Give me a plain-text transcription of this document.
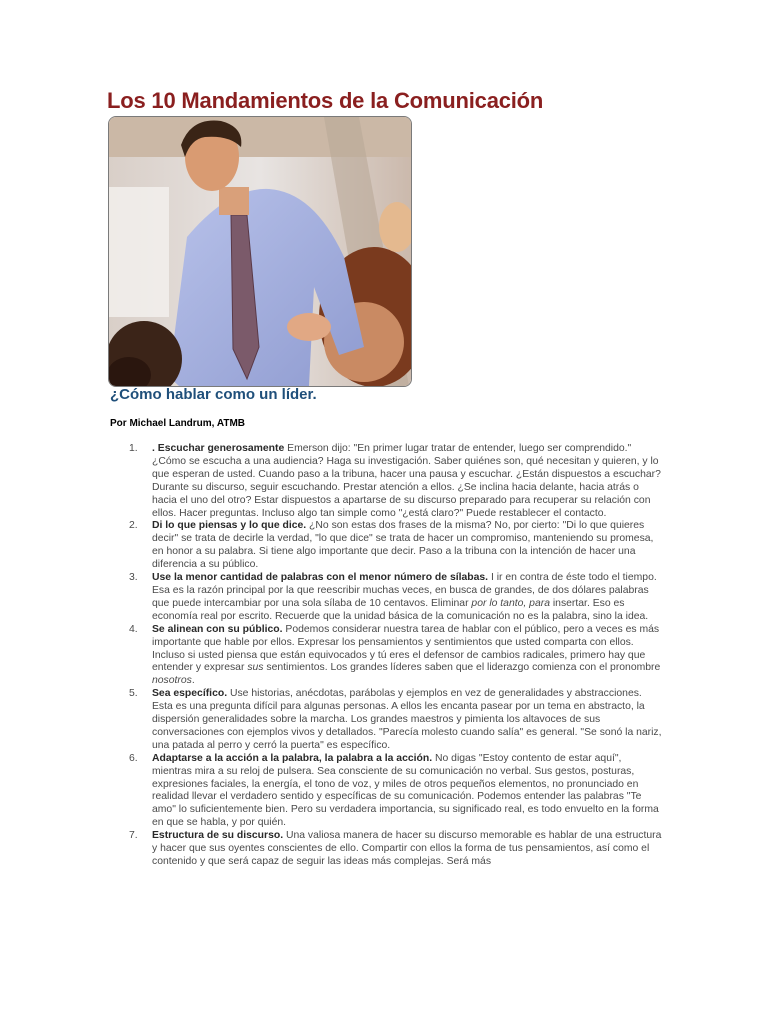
Los 10 Mandamientos de la Comunicación
¿Cómo hablar como un líder.

Por Michael Landrum, ATMB

1. . Escuchar generosamente Emerson dijo: "En primer lugar tratar de entender, luego ser comprendido." ¿Cómo se escucha a una audiencia? Haga su investigación. Saber quiénes son, qué necesitan y quieren, y lo que esperan de usted. Cuando paso a la tribuna, hacer una pausa y escuchar. ¿Están dispuestos a escuchar? Durante su discurso, seguir escuchando. Prestar atención a ellos. ¿Se inclina hacia delante, hacia atrás o hacia el uno del otro? Estar dispuestos a apartarse de su discurso preparado para recuperar su relación con ellos. Hacer preguntas. Incluso algo tan simple como "¿está claro?" Puede restablecer el contacto.
2. Di lo que piensas y lo que dice. ¿No son estas dos frases de la misma? No, por cierto: "Di lo que quieres decir" se trata de decirle la verdad, "lo que dice" se trata de hacer un compromiso, manteniendo su promesa, en honor a su palabra. Si tiene algo importante que decir. Paso a la tribuna con la intención de hacer una diferencia a su público.
3. Use la menor cantidad de palabras con el menor número de sílabas. I ir en contra de éste todo el tiempo. Esa es la razón principal por la que reescribir muchas veces, en busca de grandes, de dos dólares palabras que puede intercambiar por una sola sílaba de 10 centavos. Eliminar por lo tanto, para insertar. Eso es economía real por escrito. Recuerde que la unidad básica de la comunicación no es la palabra, sino la idea.
4. Se alinean con su público. Podemos considerar nuestra tarea de hablar con el público, pero a veces es más importante que hable por ellos. Expresar los pensamientos y sentimientos que usted comparta con ellos. Incluso si usted piensa que están equivocados y tú eres el defensor de cambios radicales, primero hay que entender y expresar sus sentimientos. Los grandes líderes saben que el liderazgo comienza con el pronombre nosotros.
5. Sea específico. Use historias, anécdotas, parábolas y ejemplos en vez de generalidades y abstracciones. Esta es una pregunta difícil para algunas personas. A ellos les encanta pasear por un tema en abstracto, la dispersión generalidades sobre la marcha. Los grandes maestros y pimienta los altavoces de sus conversaciones con ejemplos vivos y detallados. "Parecía molesto cuando salía" es general. "Se sonó la nariz, una patada al perro y cerró la puerta" es específico.
6. Adaptarse a la acción a la palabra, la palabra a la acción. No digas "Estoy contento de estar aquí", mientras mira a su reloj de pulsera. Sea consciente de su comunicación no verbal. Sus gestos, posturas, expresiones faciales, la energía, el tono de voz, y miles de otros pequeños elementos, no pronunciado en realidad llevar el verdadero sentido y específicas de su comunicación. Podemos entender las palabras "Te amo" lo suficientemente bien. Pero su verdadera importancia, su significado real, es todo envuelto en la forma en que se habla, y por quién.
7. Estructura de su discurso. Una valiosa manera de hacer su discurso memorable es hablar de una estructura y hacer que sus oyentes conscientes de ello. Compartir con ellos la forma de tus pensamientos, así como el contenido y que será capaz de seguir las ideas más complejas. Será más
